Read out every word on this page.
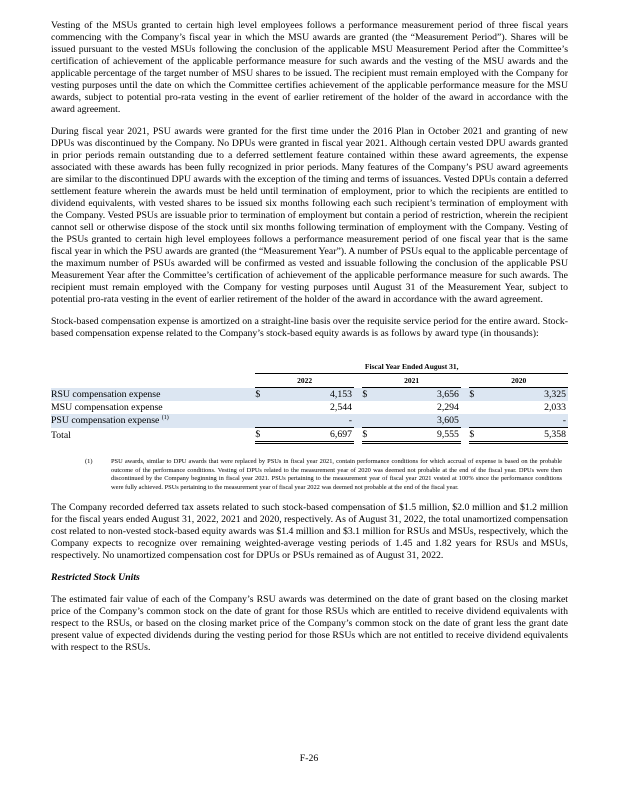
Vesting of the MSUs granted to certain high level employees follows a performance measurement period of three fiscal years commencing with the Company’s fiscal year in which the MSU awards are granted (the “Measurement Period”). Shares will be issued pursuant to the vested MSUs following the conclusion of the applicable MSU Measurement Period after the Committee’s certification of achievement of the applicable performance measure for such awards and the vesting of the MSU awards and the applicable percentage of the target number of MSU shares to be issued. The recipient must remain employed with the Company for vesting purposes until the date on which the Committee certifies achievement of the applicable performance measure for the MSU awards, subject to potential pro-rata vesting in the event of earlier retirement of the holder of the award in accordance with the award agreement.

During fiscal year 2021, PSU awards were granted for the first time under the 2016 Plan in October 2021 and granting of new DPUs was discontinued by the Company. No DPUs were granted in fiscal year 2021. Although certain vested DPU awards granted in prior periods remain outstanding due to a deferred settlement feature contained within these award agreements, the expense associated with these awards has been fully recognized in prior periods. Many features of the Company’s PSU award agreements are similar to the discontinued DPU awards with the exception of the timing and terms of issuances. Vested DPUs contain a deferred settlement feature wherein the awards must be held until termination of employment, prior to which the recipients are entitled to dividend equivalents, with vested shares to be issued six months following each such recipient’s termination of employment with the Company. Vested PSUs are issuable prior to termination of employment but contain a period of restriction, wherein the recipient cannot sell or otherwise dispose of the stock until six months following termination of employment with the Company. Vesting of the PSUs granted to certain high level employees follows a performance measurement period of one fiscal year that is the same fiscal year in which the PSU awards are granted (the “Measurement Year”). A number of PSUs equal to the applicable percentage of the maximum number of PSUs awarded will be confirmed as vested and issuable following the conclusion of the applicable PSU Measurement Year after the Committee’s certification of achievement of the applicable performance measure for such awards. The recipient must remain employed with the Company for vesting purposes until August 31 of the Measurement Year, subject to potential pro-rata vesting in the event of earlier retirement of the holder of the award in accordance with the award agreement.

Stock-based compensation expense is amortized on a straight-line basis over the requisite service period for the entire award. Stock-based compensation expense related to the Company’s stock-based equity awards is as follows by award type (in thousands):

		Fiscal Year Ended August 31,							
		2022			2021			2020	
RSU compensation expense		$	4,153		$	3,656		$	3,325
MSU compensation expense			2,544			2,294			2,033
PSU compensation expense $^{(1)}$			-			3,605			-
Total		$	6,697		$	9,555		$	5,358
(1)	PSU awards, similar to DPU awards that were replaced by PSUs in fiscal year 2021, contain performance conditions for which accrual of expense is based on the probable outcome of the performance conditions. Vesting of DPUs related to the measurement year of 2020 was deemed not probable at the end of the fiscal year. DPUs were then discontinued by the Company beginning in fiscal year 2021. PSUs pertaining to the measurement year of fiscal year 2021 vested at 100% since the performance conditions were fully achieved. PSUs pertaining to the measurement year of fiscal year 2022 was deemed not probable at the end of the fiscal year.

The Company recorded deferred tax assets related to such stock-based compensation of $1.5 million, $2.0 million and $1.2 million for the fiscal years ended August 31, 2022, 2021 and 2020, respectively. As of August 31, 2022, the total unamortized compensation cost related to non-vested stock-based equity awards was $1.4 million and $3.1 million for RSUs and MSUs, respectively, which the Company expects to recognize over remaining weighted-average vesting periods of 1.45 and 1.82 years for RSUs and MSUs, respectively. No unamortized compensation cost for DPUs or PSUs remained as of August 31, 2022.

Restricted Stock Units

The estimated fair value of each of the Company’s RSU awards was determined on the date of grant based on the closing market price of the Company’s common stock on the date of grant for those RSUs which are entitled to receive dividend equivalents with respect to the RSUs, or based on the closing market price of the Company’s common stock on the date of grant less the grant date present value of expected dividends during the vesting period for those RSUs which are not entitled to receive dividend equivalents with respect to the RSUs.

F-26
